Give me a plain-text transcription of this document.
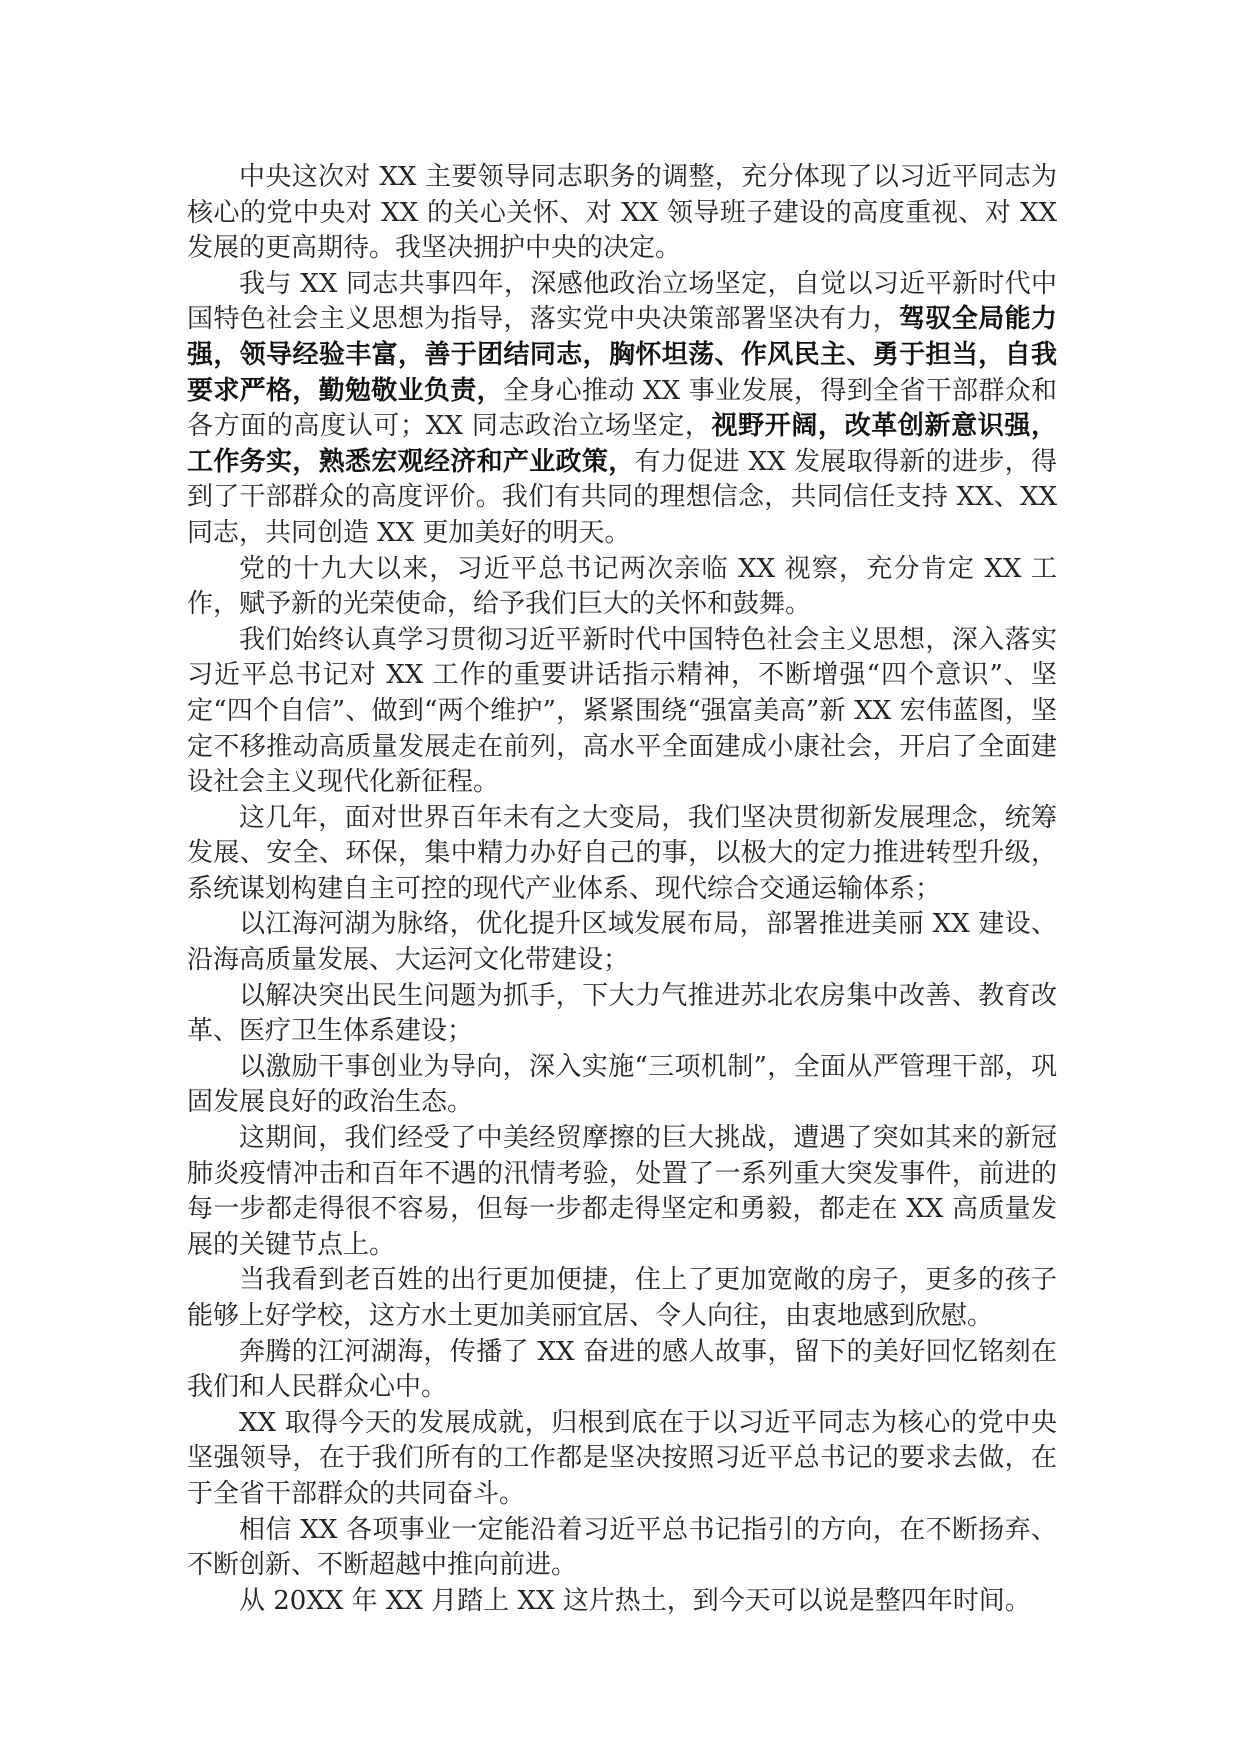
中央这次对 XX 主要领导同志职务的调整，充分体现了以习近平同志为核心的党中央对 XX 的关心关怀、对 XX 领导班子建设的高度重视、对 XX 发展的更高期待。我坚决拥护中央的决定。

我与 XX 同志共事四年，深感他政治立场坚定，自觉以习近平新时代中国特色社会主义思想为指导，落实党中央决策部署坚决有力，驾驭全局能力强，领导经验丰富，善于团结同志，胸怀坦荡、作风民主、勇于担当，自我要求严格，勤勉敬业负责，全身心推动 XX 事业发展，得到全省干部群众和各方面的高度认可；XX 同志政治立场坚定，视野开阔，改革创新意识强，工作务实，熟悉宏观经济和产业政策，有力促进 XX 发展取得新的进步，得到了干部群众的高度评价。我们有共同的理想信念，共同信任支持 XX、XX 同志，共同创造 XX 更加美好的明天。

党的十九大以来，习近平总书记两次亲临 XX 视察，充分肯定 XX 工作，赋予新的光荣使命，给予我们巨大的关怀和鼓舞。

我们始终认真学习贯彻习近平新时代中国特色社会主义思想，深入落实习近平总书记对 XX 工作的重要讲话指示精神，不断增强“四个意识”、坚定“四个自信”、做到“两个维护”，紧紧围绕“强富美高”新 XX 宏伟蓝图，坚定不移推动高质量发展走在前列，高水平全面建成小康社会，开启了全面建设社会主义现代化新征程。

这几年，面对世界百年未有之大变局，我们坚决贯彻新发展理念，统筹发展、安全、环保，集中精力办好自己的事，以极大的定力推进转型升级，系统谋划构建自主可控的现代产业体系、现代综合交通运输体系；

以江海河湖为脉络，优化提升区域发展布局，部署推进美丽 XX 建设、沿海高质量发展、大运河文化带建设；

以解决突出民生问题为抓手，下大力气推进苏北农房集中改善、教育改革、医疗卫生体系建设；

以激励干事创业为导向，深入实施“三项机制”，全面从严管理干部，巩固发展良好的政治生态。

这期间，我们经受了中美经贸摩擦的巨大挑战，遭遇了突如其来的新冠肺炎疫情冲击和百年不遇的汛情考验，处置了一系列重大突发事件，前进的每一步都走得很不容易，但每一步都走得坚定和勇毅，都走在 XX 高质量发展的关键节点上。

当我看到老百姓的出行更加便捷，住上了更加宽敞的房子，更多的孩子能够上好学校，这方水土更加美丽宜居、令人向往，由衷地感到欣慰。

奔腾的江河湖海，传播了 XX 奋进的感人故事，留下的美好回忆铭刻在我们和人民群众心中。

XX 取得今天的发展成就，归根到底在于以习近平同志为核心的党中央坚强领导，在于我们所有的工作都是坚决按照习近平总书记的要求去做，在于全省干部群众的共同奋斗。

相信 XX 各项事业一定能沿着习近平总书记指引的方向，在不断扬弃、不断创新、不断超越中推向前进。

从 20XX 年 XX 月踏上 XX 这片热土，到今天可以说是整四年时间。
